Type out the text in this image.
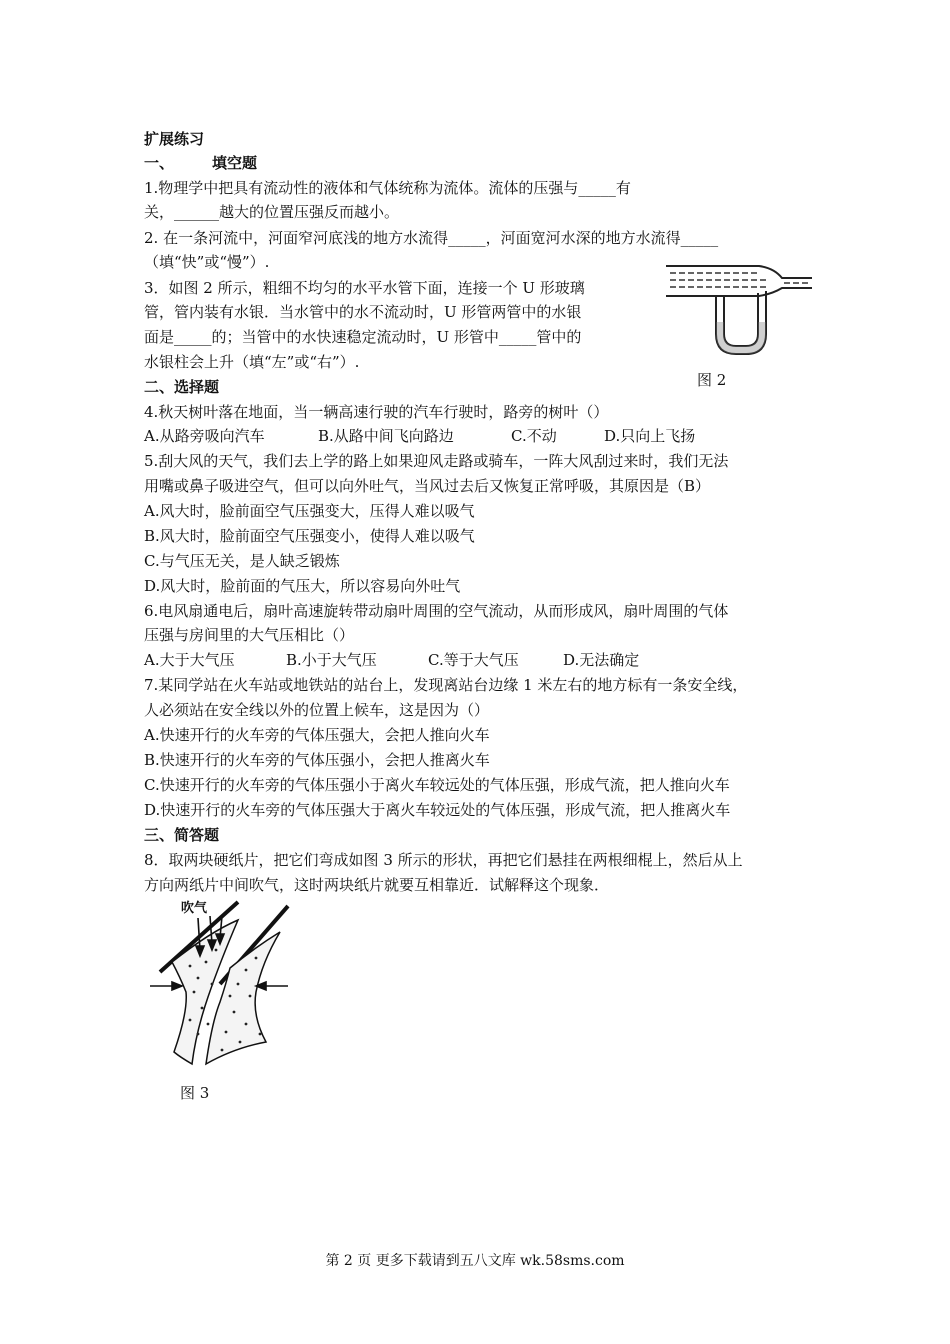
扩展练习
一、	填空题
1.物理学中把具有流动性的液体和气体统称为流体。流体的压强与_____有
关，______越大的位置压强反而越小。
2. 在一条河流中，河面窄河底浅的地方水流得_____，河面宽河水深的地方水流得_____
（填“快”或“慢”）.
3．如图 2 所示，粗细不均匀的水平水管下面，连接一个 U 形玻璃
管，管内装有水银．当水管中的水不流动时，U 形管两管中的水银
面是_____的；当管中的水快速稳定流动时，U 形管中_____管中的
水银柱会上升（填“左”或“右”）.
图 2
二、选择题
4.秋天树叶落在地面，当一辆高速行驶的汽车行驶时，路旁的树叶（）
A.从路旁吸向汽车	B.从路中间飞向路边	C.不动	D.只向上飞扬
5.刮大风的天气，我们去上学的路上如果迎风走路或骑车，一阵大风刮过来时，我们无法
用嘴或鼻子吸进空气，但可以向外吐气，当风过去后又恢复正常呼吸，其原因是（B）
A.风大时，脸前面空气压强变大，压得人难以吸气
B.风大时，脸前面空气压强变小，使得人难以吸气
C.与气压无关，是人缺乏锻炼
D.风大时，脸前面的气压大，所以容易向外吐气
6.电风扇通电后，扇叶高速旋转带动扇叶周围的空气流动，从而形成风，扇叶周围的气体
压强与房间里的大气压相比（）
A.大于大气压	B.小于大气压	C.等于大气压	D.无法确定
7.某同学站在火车站或地铁站的站台上，发现离站台边缘 1 米左右的地方标有一条安全线，
人必须站在安全线以外的位置上候车，这是因为（）
A.快速开行的火车旁的气体压强大，会把人推向火车
B.快速开行的火车旁的气体压强小，会把人推离火车
C.快速开行的火车旁的气体压强小于离火车较远处的气体压强，形成气流，把人推向火车
D.快速开行的火车旁的气体压强大于离火车较远处的气体压强，形成气流，把人推离火车
三、简答题
8．取两块硬纸片，把它们弯成如图 3 所示的形状，再把它们悬挂在两根细棍上，然后从上
方向两纸片中间吹气，这时两块纸片就要互相靠近．试解释这个现象．
吹气
图 3
第 2 页 更多下载请到五八文库 wk.58sms.com
